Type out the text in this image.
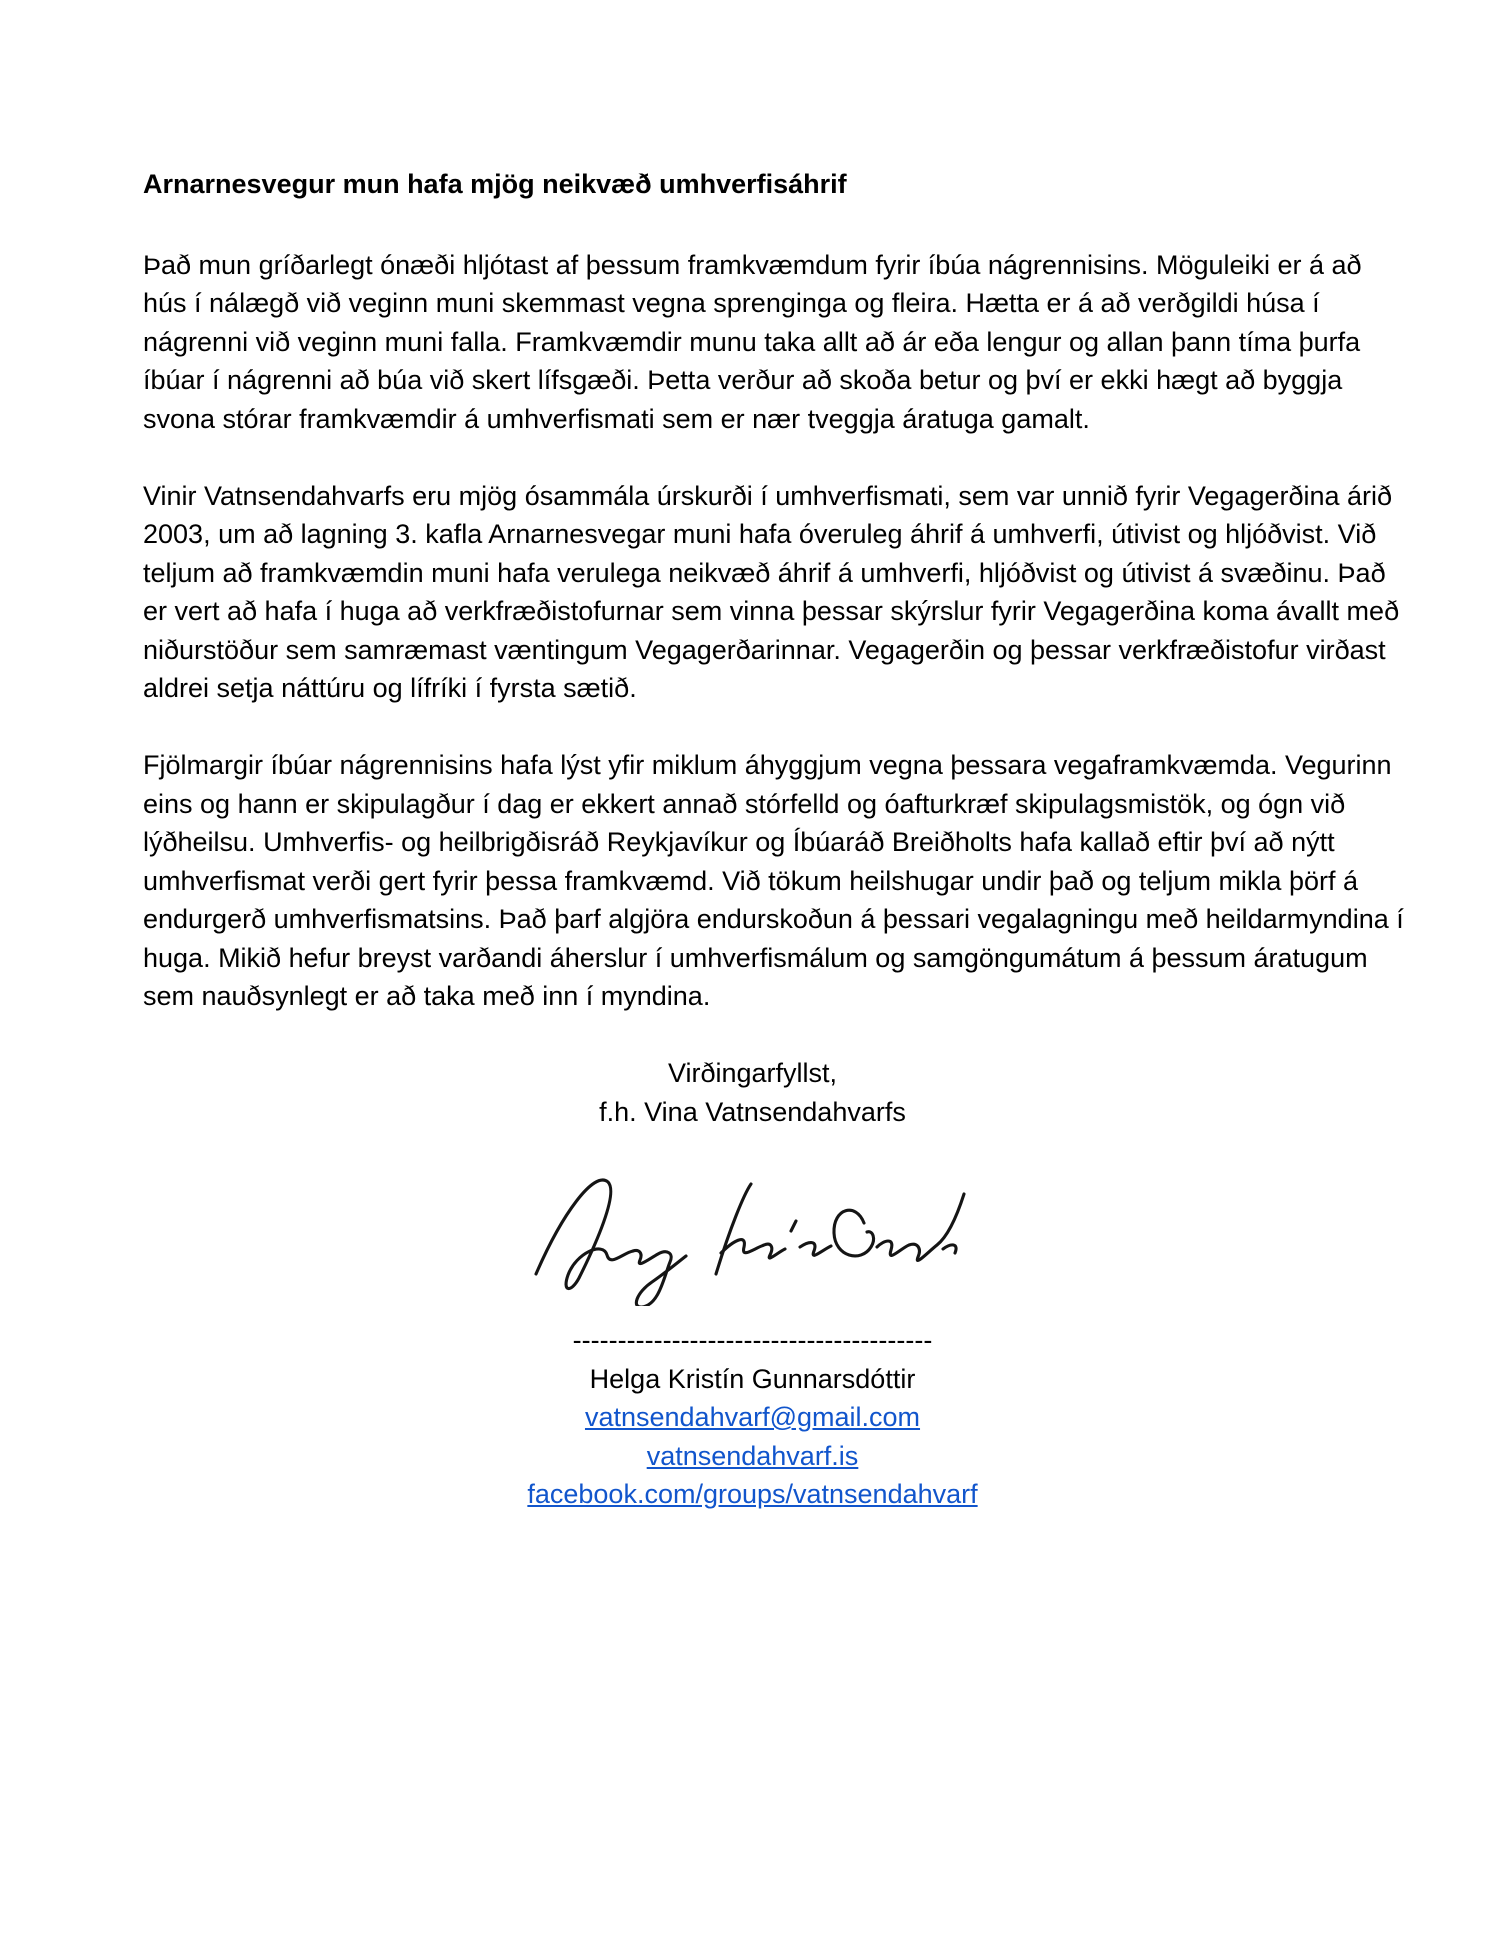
Arnarnesvegur mun hafa mjög neikvæð umhverfisáhrif
Það mun gríðarlegt ónæði hljótast af þessum framkvæmdum fyrir íbúa nágrennisins. Möguleiki er á að
hús í nálægð við veginn muni skemmast vegna sprenginga og fleira. Hætta er á að verðgildi húsa í
nágrenni við veginn muni falla. Framkvæmdir munu taka allt að ár eða lengur og allan þann tíma þurfa
íbúar í nágrenni að búa við skert lífsgæði. Þetta verður að skoða betur og því er ekki hægt að byggja
svona stórar framkvæmdir á umhverfismati sem er nær tveggja áratuga gamalt.
Vinir Vatnsendahvarfs eru mjög ósammála úrskurði í umhverfismati, sem var unnið fyrir Vegagerðina árið
2003, um að lagning 3. kafla Arnarnesvegar muni hafa óveruleg áhrif á umhverfi, útivist og hljóðvist. Við
teljum að framkvæmdin muni hafa verulega neikvæð áhrif á umhverfi, hljóðvist og útivist á svæðinu. Það
er vert að hafa í huga að verkfræðistofurnar sem vinna þessar skýrslur fyrir Vegagerðina koma ávallt með
niðurstöður sem samræmast væntingum Vegagerðarinnar. Vegagerðin og þessar verkfræðistofur virðast
aldrei setja náttúru og lífríki í fyrsta sætið.
Fjölmargir íbúar nágrennisins hafa lýst yfir miklum áhyggjum vegna þessara vegaframkvæmda. Vegurinn
eins og hann er skipulagður í dag er ekkert annað stórfelld og óafturkræf skipulagsmistök, og ógn við
lýðheilsu. Umhverfis- og heilbrigðisráð Reykjavíkur og Íbúaráð Breiðholts hafa kallað eftir því að nýtt
umhverfismat verði gert fyrir þessa framkvæmd. Við tökum heilshugar undir það og teljum mikla þörf á
endurgerð umhverfismatsins. Það þarf algjöra endurskoðun á þessari vegalagningu með heildarmyndina í
huga. Mikið hefur breyst varðandi áherslur í umhverfismálum og samgöngumátum á þessum áratugum
sem nauðsynlegt er að taka með inn í myndina.
Virðingarfyllst,
f.h. Vina Vatnsendahvarfs
----------------------------------------
Helga Kristín Gunnarsdóttir
vatnsendahvarf@gmail.com
vatnsendahvarf.is
facebook.com/groups/vatnsendahvarf
